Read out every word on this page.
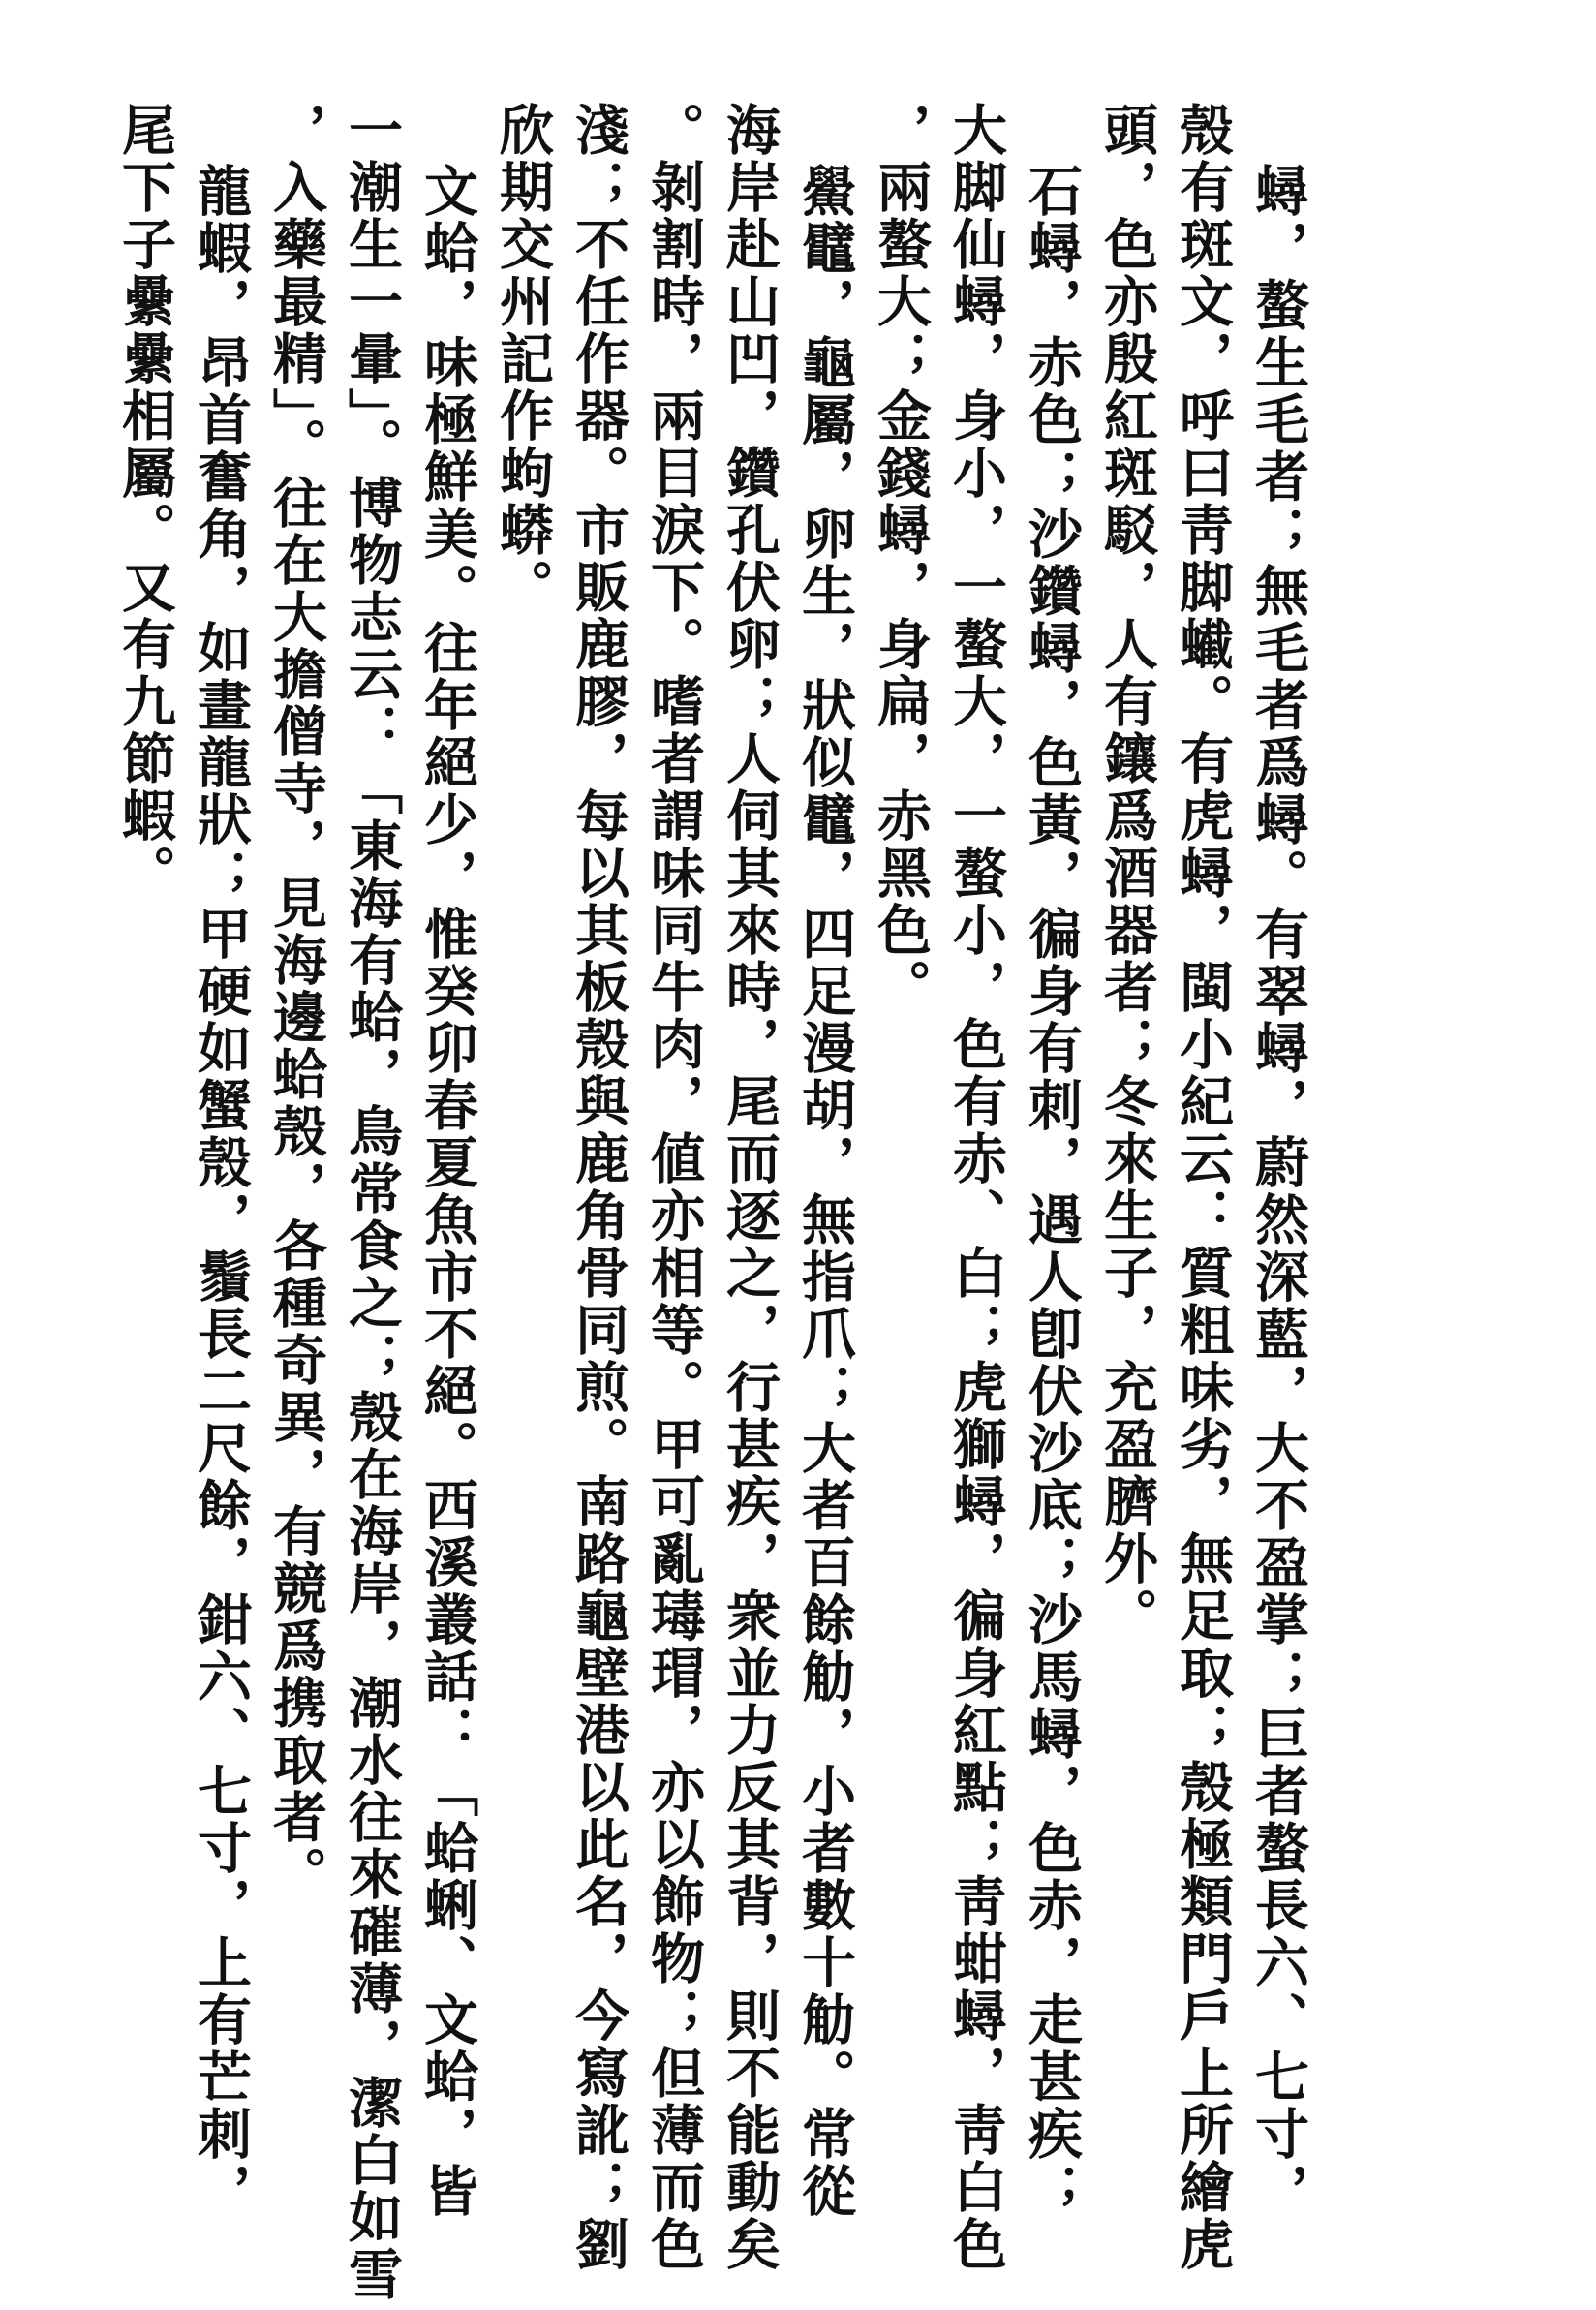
蟳，螯生毛者；無毛者爲蟳。有翠蟳，蔚然深藍，大不盈掌；巨者螯長六、七寸，
殼有斑文，呼曰靑脚蠘。有虎蟳，閩小紀云：質粗味劣，無足取；殼極類門戶上所繪虎
頭，色亦殷紅斑駁，人有鑲爲酒器者；冬來生子，充盈臍外。
石蟳，赤色；沙鑽蟳，色黃，徧身有刺，遇人卽伏沙底；沙馬蟳，色赤，走甚疾；
大脚仙蟳，身小，一螯大，一螯小，色有赤、白；虎獅蟳，徧身紅點；靑蚶蟳，靑白色
，兩螯大；金錢蟳，身扁，赤黑色。
鱟鼊，龜屬，卵生，狀似鼊，四足漫胡，無指爪；大者百餘觔，小者數十觔。常從
海岸赴山凹，鑽孔伏卵；人伺其來時，尾而逐之，行甚疾，衆並力反其背，則不能動矣
。剝割時，兩目淚下。嗜者謂味同牛肉，値亦相等。甲可亂瑇瑁，亦以飾物；但薄而色
淺；不任作器。市販鹿膠，每以其板殼與鹿角骨同煎。南路龜壁港以此名，今寫訛；劉
欣期交州記作蚼蟒。
文蛤，味極鮮美。往年絕少，惟癸卯春夏魚市不絕。西溪叢話：「蛤蜊、文蛤，皆
一潮生一暈」。博物志云：「東海有蛤，鳥常食之；殼在海岸，潮水往來磪薄，潔白如雪
，入藥最精」。往在大擔僧寺，見海邊蛤殼，各種奇異，有競爲携取者。
龍蝦，昂首奮角，如畫龍狀；甲硬如蟹殼，鬚長二尺餘，鉗六、七寸，上有芒刺，
尾下子纍纍相屬。又有九節蝦。
